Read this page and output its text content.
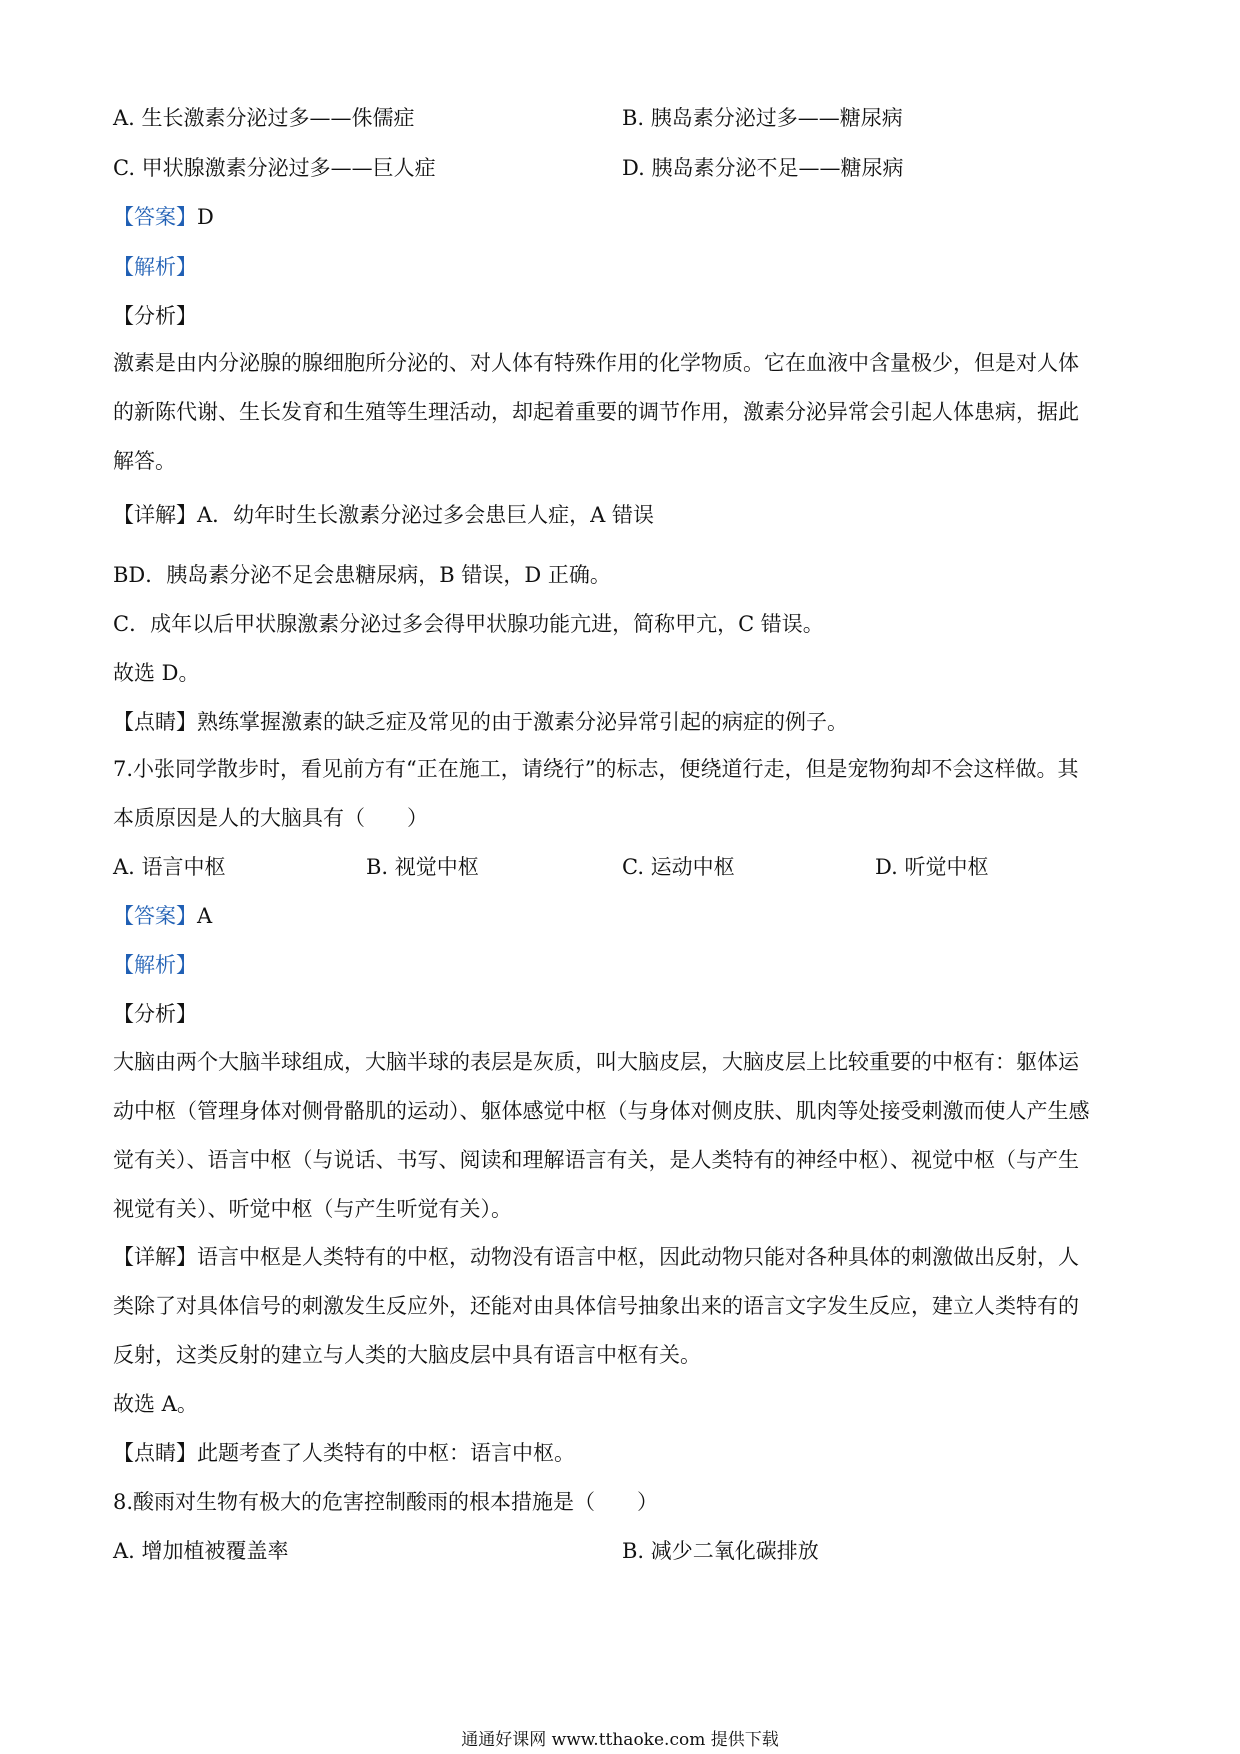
A. 生长激素分泌过多——侏儒症	B. 胰岛素分泌过多——糖尿病
C. 甲状腺激素分泌过多——巨人症	D. 胰岛素分泌不足——糖尿病
【答案】D
【解析】
【分析】
激素是由内分泌腺的腺细胞所分泌的、对人体有特殊作用的化学物质。它在血液中含量极少，但是对人体
的新陈代谢、生长发育和生殖等生理活动，却起着重要的调节作用，激素分泌异常会引起人体患病，据此
解答。
【详解】A．幼年时生长激素分泌过多会患巨人症，A 错误
BD．胰岛素分泌不足会患糖尿病，B 错误，D 正确。
C．成年以后甲状腺激素分泌过多会得甲状腺功能亢进，简称甲亢，C 错误。
故选 D。
【点睛】熟练掌握激素的缺乏症及常见的由于激素分泌异常引起的病症的例子。
7.小张同学散步时，看见前方有“正在施工，请绕行”的标志，便绕道行走，但是宠物狗却不会这样做。其
本质原因是人的大脑具有（　　）
A. 语言中枢	B. 视觉中枢	C. 运动中枢	D. 听觉中枢
【答案】A
【解析】
【分析】
大脑由两个大脑半球组成，大脑半球的表层是灰质，叫大脑皮层，大脑皮层上比较重要的中枢有：躯体运
动中枢（管理身体对侧骨骼肌的运动）、躯体感觉中枢（与身体对侧皮肤、肌肉等处接受刺激而使人产生感
觉有关）、语言中枢（与说话、书写、阅读和理解语言有关，是人类特有的神经中枢）、视觉中枢（与产生
视觉有关）、听觉中枢（与产生听觉有关）。
【详解】语言中枢是人类特有的中枢，动物没有语言中枢，因此动物只能对各种具体的刺激做出反射，人
类除了对具体信号的刺激发生反应外，还能对由具体信号抽象出来的语言文字发生反应，建立人类特有的
反射，这类反射的建立与人类的大脑皮层中具有语言中枢有关。
故选 A。
【点睛】此题考查了人类特有的中枢：语言中枢。
8.酸雨对生物有极大的危害控制酸雨的根本措施是（　　）
A. 增加植被覆盖率	B. 减少二氧化碳排放
通通好课网 www.tthaoke.com 提供下载
